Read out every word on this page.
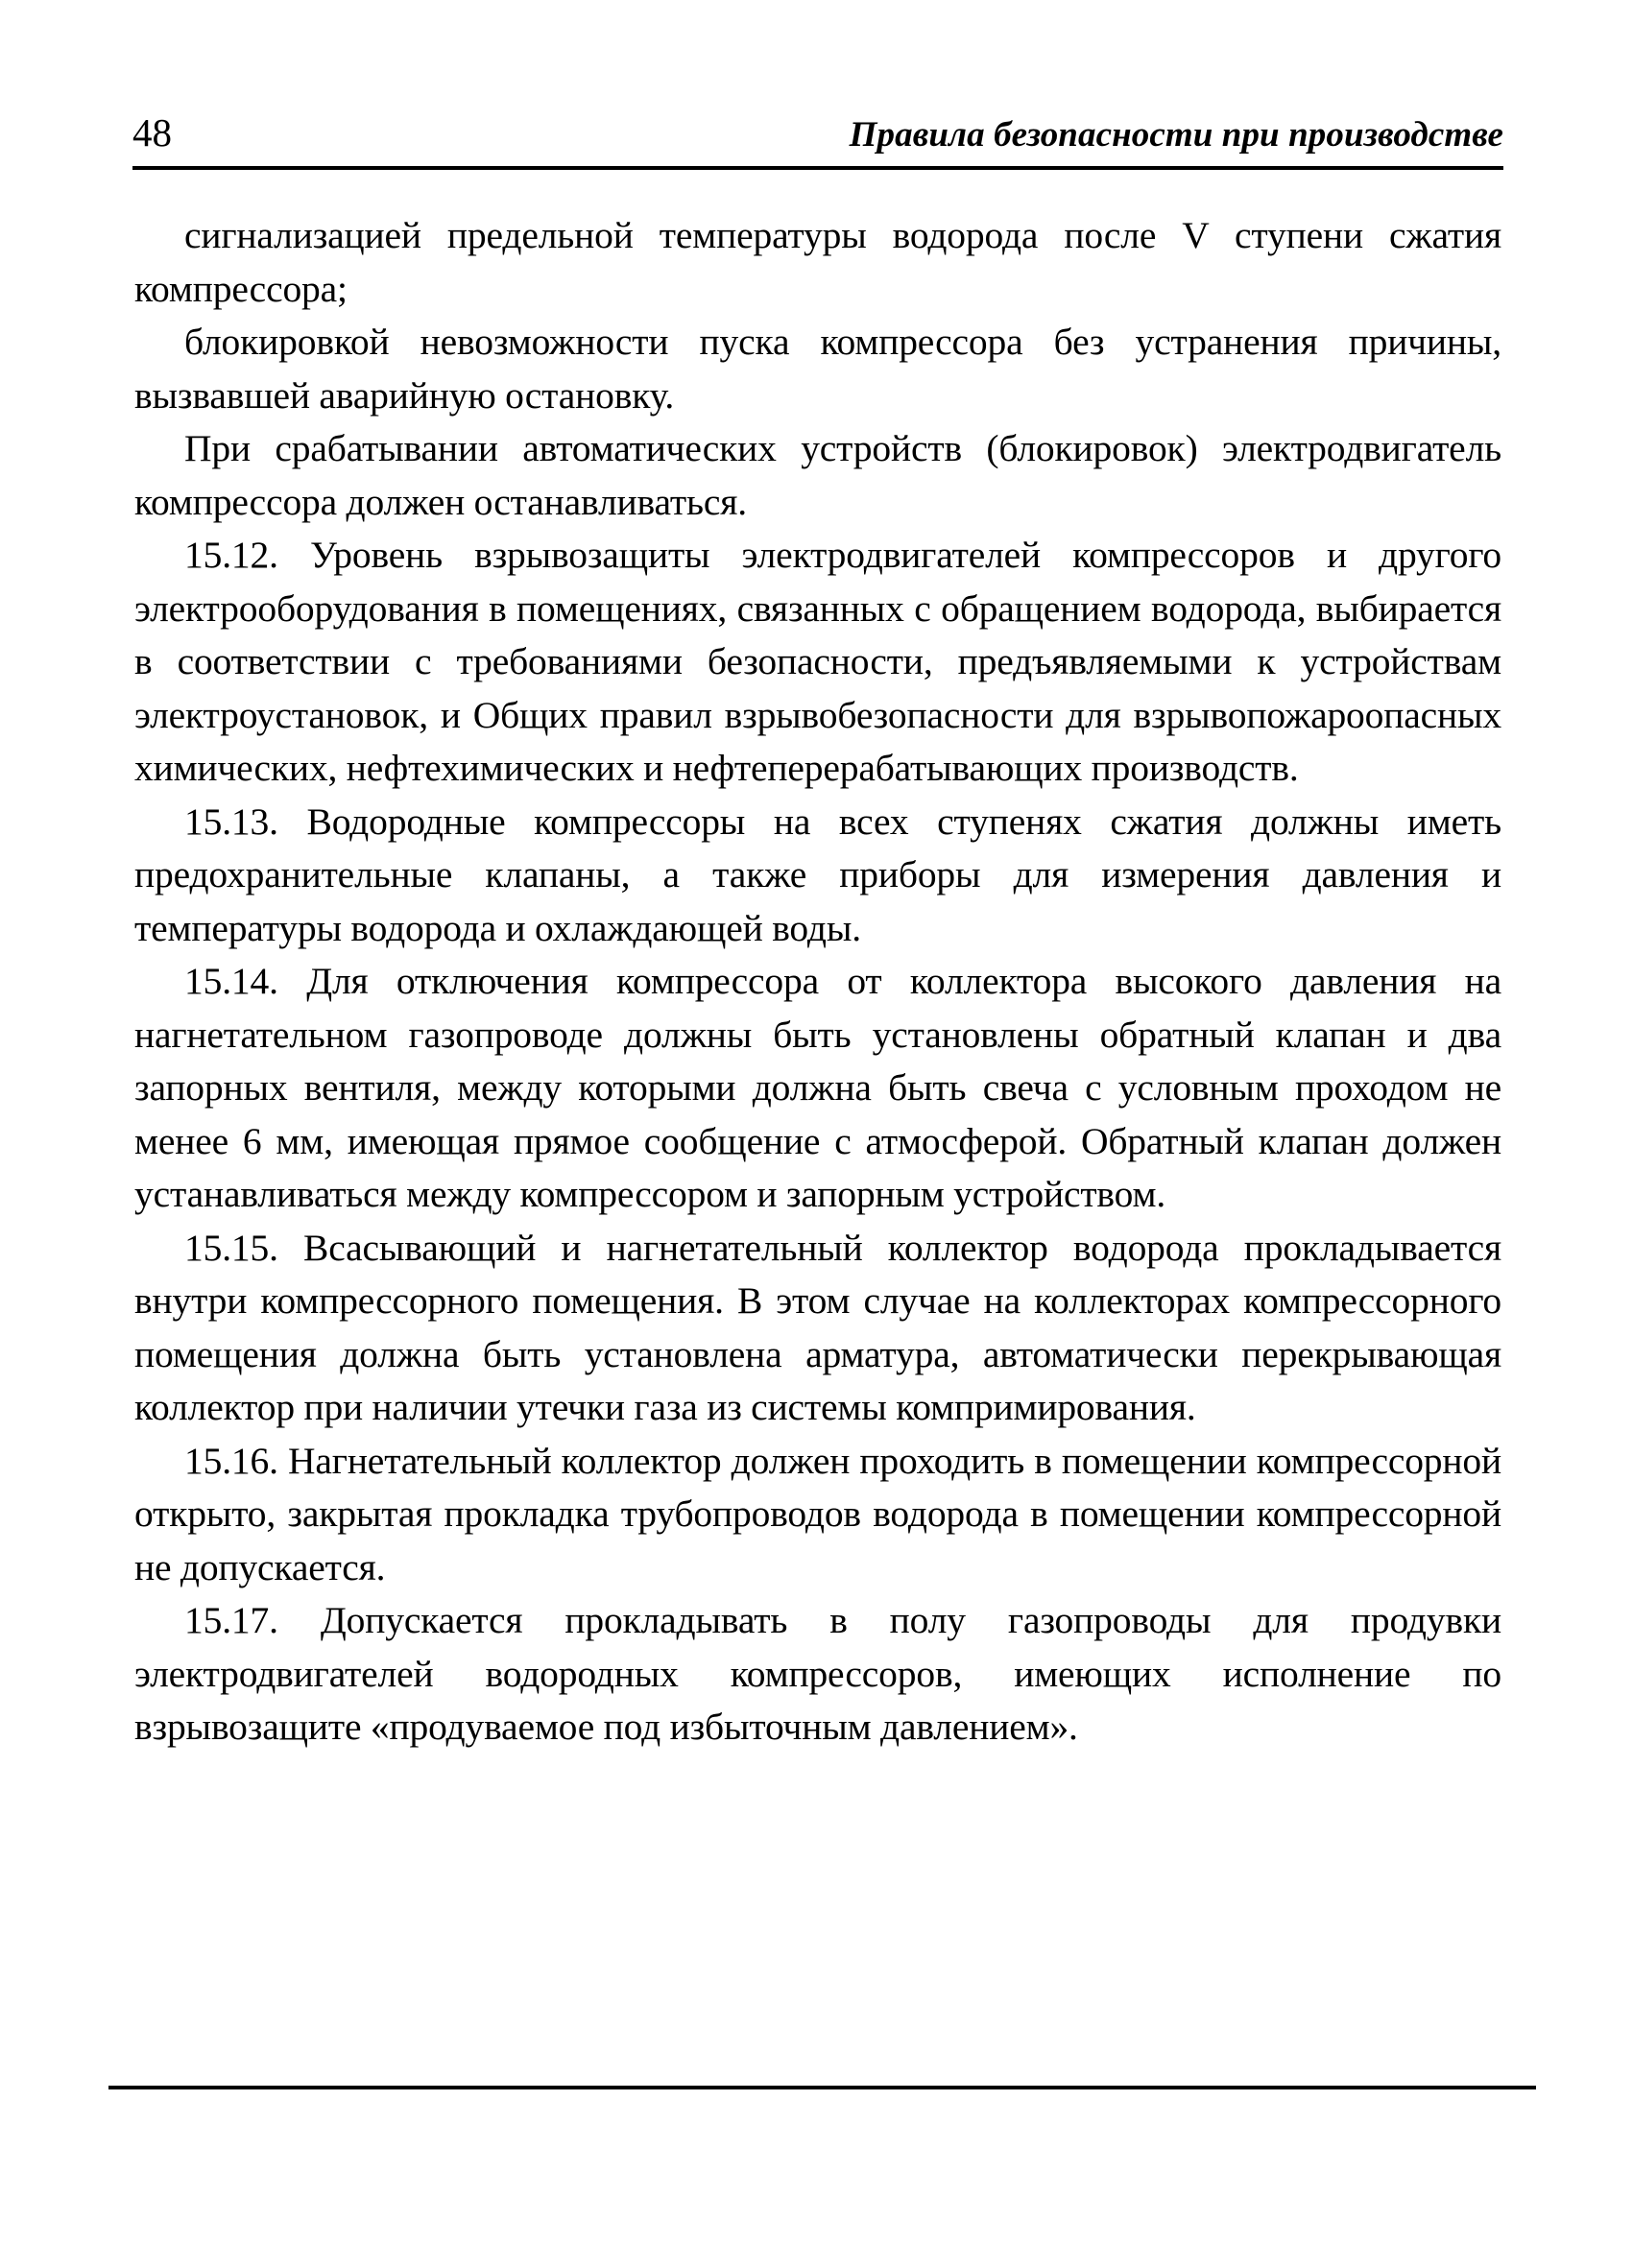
48	Правила безопасности при производстве

сигнализацией предельной температуры водорода после V ступени сжатия компрессора;

блокировкой невозможности пуска компрессора без устранения причины, вызвавшей аварийную остановку.

При срабатывании автоматических устройств (блокировок) электродвигатель компрессора должен останавливаться.

15.12. Уровень взрывозащиты электродвигателей компрессоров и другого электрооборудования в помещениях, связанных с обращением водорода, выбирается в соответствии с требованиями безопасности, предъявляемыми к устройствам электроустановок, и Общих правил взрывобезопасности для взрывопожароопасных химических, нефтехимических и нефтеперерабатывающих производств.

15.13. Водородные компрессоры на всех ступенях сжатия должны иметь предохранительные клапаны, а также приборы для измерения давления и температуры водорода и охлаждающей воды.

15.14. Для отключения компрессора от коллектора высокого давления на нагнетательном газопроводе должны быть установлены обратный клапан и два запорных вентиля, между которыми должна быть свеча с условным проходом не менее 6 мм, имеющая прямое сообщение с атмосферой. Обратный клапан должен устанавливаться между компрессором и запорным устройством.

15.15. Всасывающий и нагнетательный коллектор водорода прокладывается внутри компрессорного помещения. В этом случае на коллекторах компрессорного помещения должна быть установлена арматура, автоматически перекрывающая коллектор при наличии утечки газа из системы компримирования.

15.16. Нагнетательный коллектор должен проходить в помещении компрессорной открыто, закрытая прокладка трубопроводов водорода в помещении компрессорной не допускается.

15.17. Допускается прокладывать в полу газопроводы для продувки электродвигателей водородных компрессоров, имеющих исполнение по взрывозащите «продуваемое под избыточным давлением».
